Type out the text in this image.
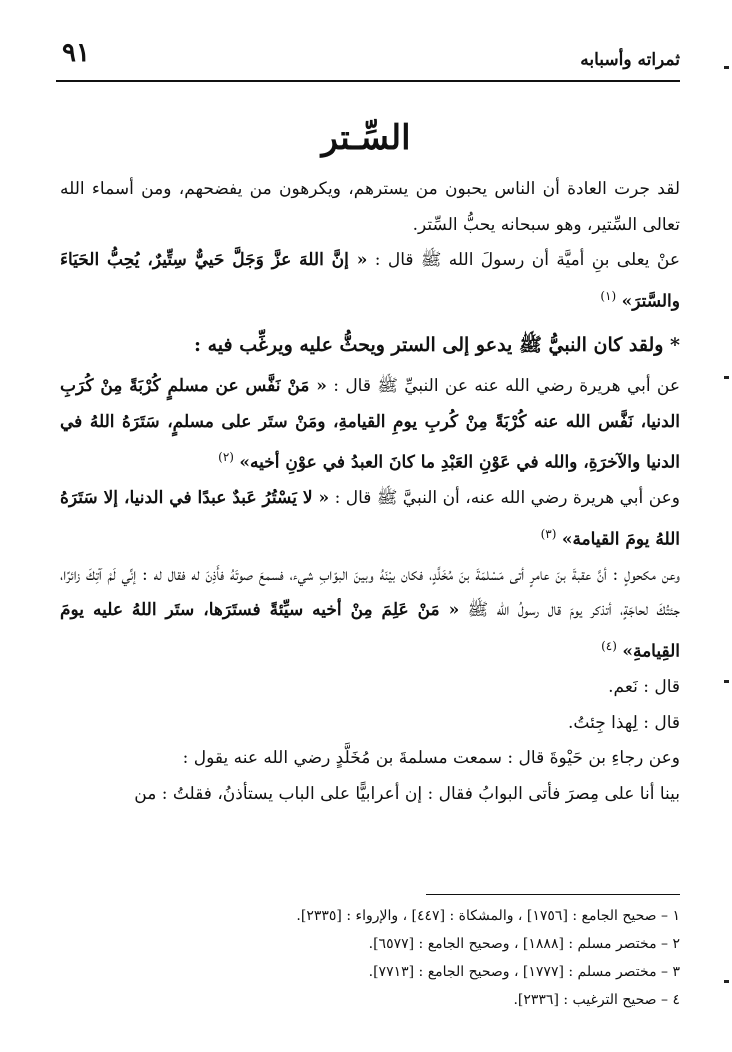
٩١	ثمراته وأسبابه
السِّـتر

لقد جرت العادة أن الناس يحبون من يسترهم، ويكرهون من يفضحهم، ومن أسماء الله تعالى السِّتير، وهو سبحانه يحبُّ السِّتر.

عنْ يعلى بنِ أميَّة أن رسولَ الله ﷺ قال : « إنَّ اللهَ عزَّ وَجَلَّ حَييٌّ سِتِّيرٌ، يُحِبُّ الحَيَاءَ والسَّترَ» $^{(١)}$

* ولقد كان النبيُّ ﷺ يدعو إلى الستر ويحثُّ عليه ويرغِّب فيه :

عن أبي هريرة رضي الله عنه عن النبيِّ ﷺ قال : « مَنْ نَفَّس عن مسلمٍ كُرْبَةً مِنْ كُرَبِ الدنيا، نَفَّس الله عنه كُرْبَةً مِنْ كُربِ يومِ القيامةِ، ومَنْ ستَر على مسلمٍ، سَتَرَهُ اللهُ في الدنيا والآخرَةِ، والله في عَوْنِ العَبْدِ ما كانَ العبدُ في عوْنِ أخيه» $^{(٢)}$

وعن أبي هريرة رضي الله عنه، أن النبيَّ ﷺ قال : « لا يَسْتُرُ عَبدٌ عبدًا في الدنيا، إلا سَتَرَهُ اللهُ يومَ القيامة» $^{(٣)}$

وعن مكحولٍ : أنَّ عقبةَ بنَ عامرٍ أتى مَسْلمَةَ بنَ مُخَلَّدٍ، فكان بيْنَهُ وبينَ البوّابِ شيء، فسمعَ صوتَهُ فأَذِنَ له فقال له : إنِّي لَمْ آتِكَ زائرًا، جئتُكَ لحاجَةٍ، أتذكر يومَ قال رسولُ الله ﷺ « مَنْ عَلِمَ مِنْ أخيه سيِّئةً فستَرَها، ستَر اللهُ عليه يومَ القِيامةِ» $^{(٤)}$

قال : نَعم.

قال : لِهذا جِئتُ.

وعن رجاءِ بن حَيْوةَ قال : سمعت مسلمةَ بن مُخَلَّدٍ رضي الله عنه يقول :

بينا أنا على مِصرَ فأتى البوابُ فقال : إن أعرابيًّا على الباب يستأذنُ، فقلتُ : من

١ – صحيح الجامع : [١٧٥٦] ، والمشكاة : [٤٤٧] ، والإرواء : [٢٣٣٥].
٢ – مختصر مسلم : [١٨٨٨] ، وصحيح الجامع : [٦٥٧٧].
٣ – مختصر مسلم : [١٧٧٧] ، وصحيح الجامع : [٧٧١٣].
٤ – صحيح الترغيب : [٢٣٣٦].
